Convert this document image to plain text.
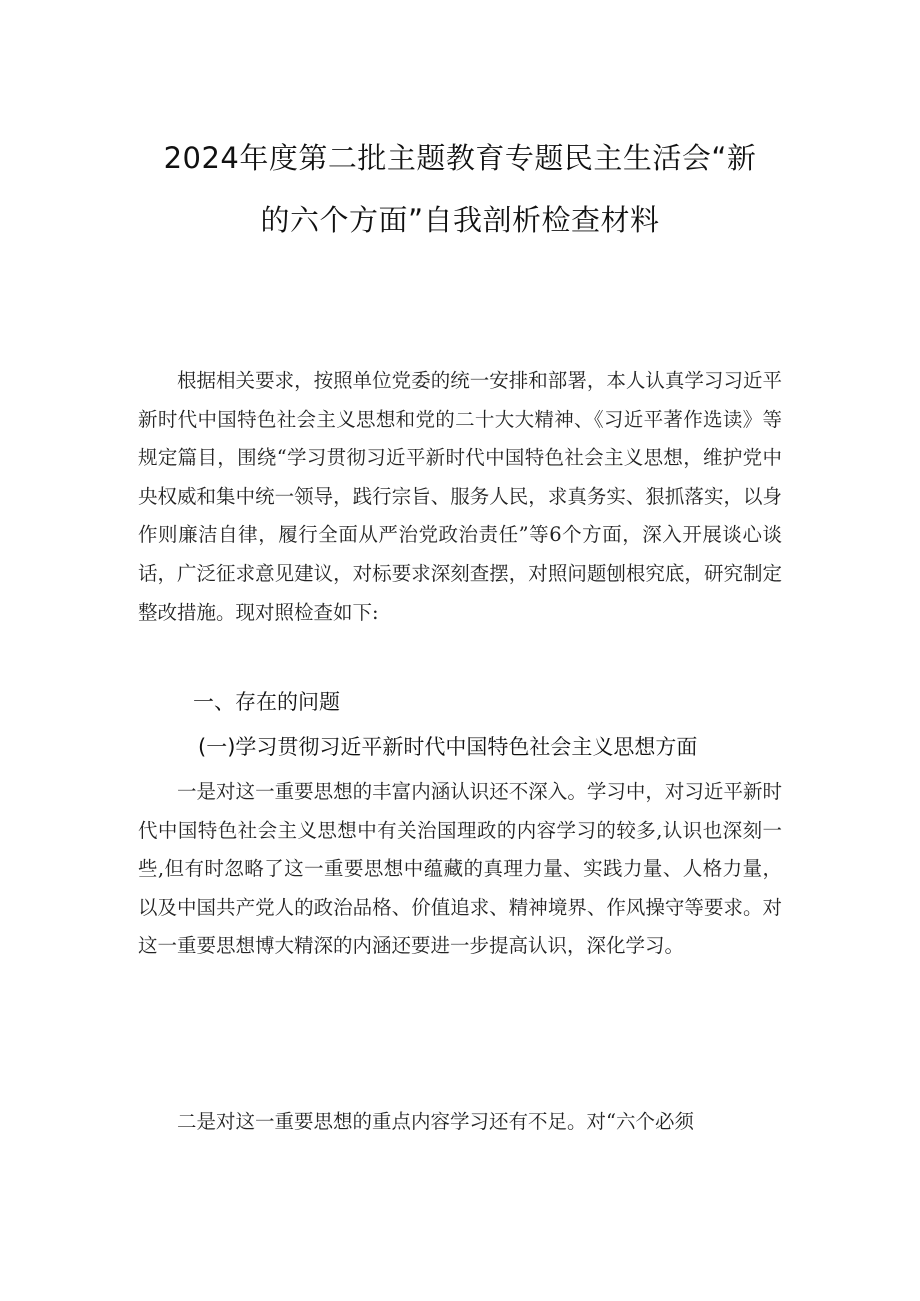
2024年度第二批主题教育专题民主生活会“新
的六个方面”自我剖析检查材料

根据相关要求，按照单位党委的统一安排和部署，本人认真学习习近平新时代中国特色社会主义思想和党的二十大大精神、《习近平著作选读》等规定篇目，围绕“学习贯彻习近平新时代中国特色社会主义思想，维护党中央权威和集中统一领导，践行宗旨、服务人民，求真务实、狠抓落实，以身作则廉洁自律，履行全面从严治党政治责任”等6个方面，深入开展谈心谈话，广泛征求意见建议，对标要求深刻查摆，对照问题刨根究底，研究制定整改措施。现对照检查如下:

一、存在的问题
(一)学习贯彻习近平新时代中国特色社会主义思想方面

一是对这一重要思想的丰富内涵认识还不深入。学习中，对习近平新时代中国特色社会主义思想中有关治国理政的内容学习的较多,认识也深刻一些,但有时忽略了这一重要思想中蕴藏的真理力量、实践力量、人格力量，以及中国共产党人的政治品格、价值追求、精神境界、作风操守等要求。对这一重要思想博大精深的内涵还要进一步提高认识，深化学习。

二是对这一重要思想的重点内容学习还有不足。对“六个必须
